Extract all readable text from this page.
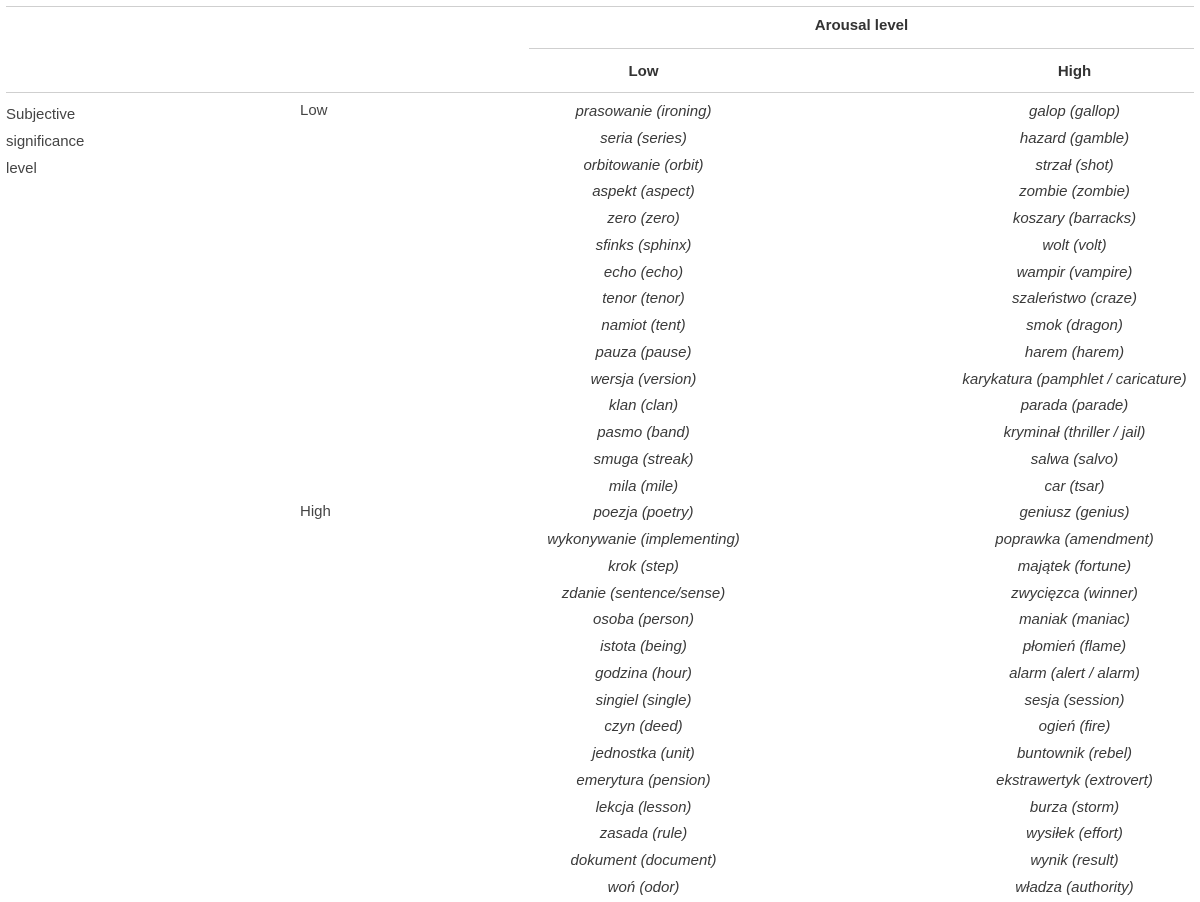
Arousal level
Low	High
Subjective significance level
Low
High
prasowanie (ironing)
seria (series)
orbitowanie (orbit)
aspekt (aspect)
zero (zero)
sfinks (sphinx)
echo (echo)
tenor (tenor)
namiot (tent)
pauza (pause)
wersja (version)
klan (clan)
pasmo (band)
smuga (streak)
mila (mile)
poezja (poetry)
wykonywanie (implementing)
krok (step)
zdanie (sentence/sense)
osoba (person)
istota (being)
godzina (hour)
singiel (single)
czyn (deed)
jednostka (unit)
emerytura (pension)
lekcja (lesson)
zasada (rule)
dokument (document)
woń (odor)
galop (gallop)
hazard (gamble)
strzał (shot)
zombie (zombie)
koszary (barracks)
wolt (volt)
wampir (vampire)
szaleństwo (craze)
smok (dragon)
harem (harem)
karykatura (pamphlet / caricature)
parada (parade)
kryminał (thriller / jail)
salwa (salvo)
car (tsar)
geniusz (genius)
poprawka (amendment)
majątek (fortune)
zwycięzca (winner)
maniak (maniac)
płomień (flame)
alarm (alert / alarm)
sesja (session)
ogień (fire)
buntownik (rebel)
ekstrawertyk (extrovert)
burza (storm)
wysiłek (effort)
wynik (result)
władza (authority)
